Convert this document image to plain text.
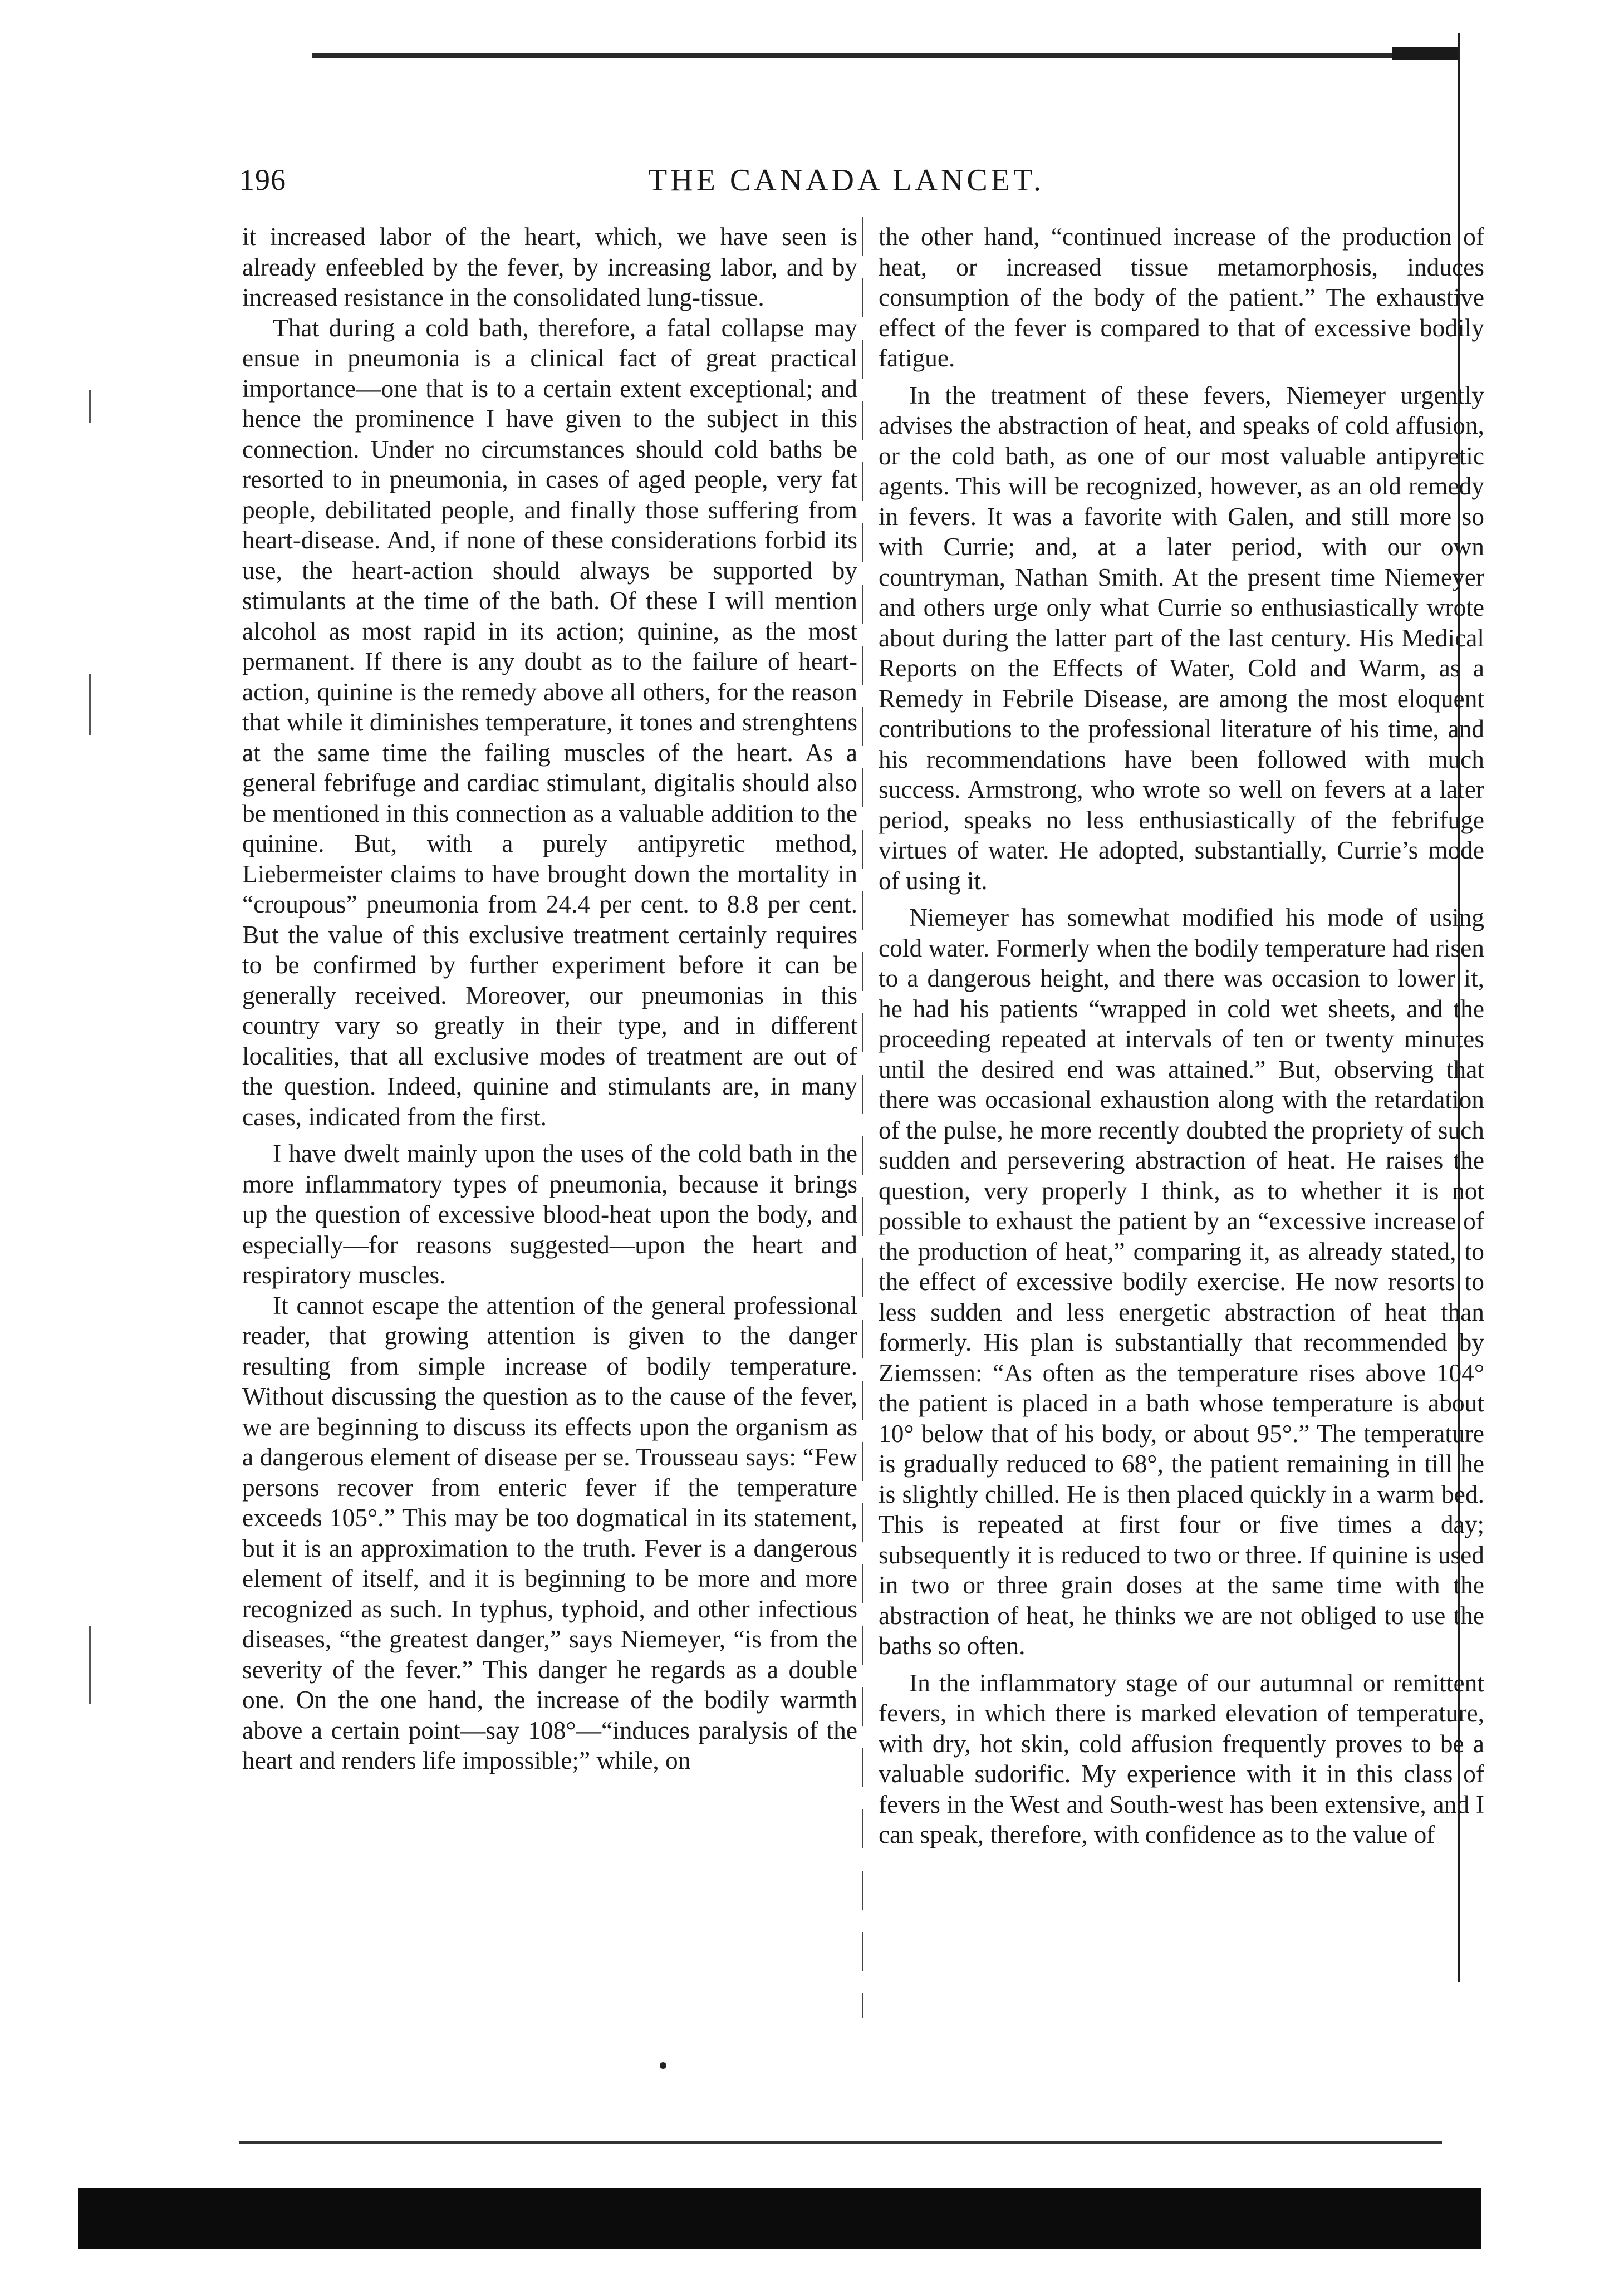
196	THE CANADA LANCET.

it increased labor of the heart, which, we have seen is already enfeebled by the fever, by increasing labor, and by increased resistance in the consolidated lung-tissue.

That during a cold bath, therefore, a fatal collapse may ensue in pneumonia is a clinical fact of great practical importance—one that is to a certain extent exceptional; and hence the prominence I have given to the subject in this connection. Under no circumstances should cold baths be resorted to in pneumonia, in cases of aged people, very fat people, debilitated people, and finally those suffering from heart-disease. And, if none of these considerations forbid its use, the heart-action should always be supported by stimulants at the time of the bath. Of these I will mention alcohol as most rapid in its action; quinine, as the most permanent. If there is any doubt as to the failure of heart-action, quinine is the remedy above all others, for the reason that while it diminishes temperature, it tones and strenghtens at the same time the failing muscles of the heart. As a general febrifuge and cardiac stimulant, digitalis should also be mentioned in this connection as a valuable addition to the quinine. But, with a purely antipyretic method, Liebermeister claims to have brought down the mortality in “croupous” pneumonia from 24.4 per cent. to 8.8 per cent. But the value of this exclusive treatment certainly requires to be confirmed by further experiment before it can be generally received. Moreover, our pneumonias in this country vary so greatly in their type, and in different localities, that all exclusive modes of treatment are out of the question. Indeed, quinine and stimulants are, in many cases, indicated from the first.

I have dwelt mainly upon the uses of the cold bath in the more inflammatory types of pneumonia, because it brings up the question of excessive blood-heat upon the body, and especially—for reasons suggested—upon the heart and respiratory muscles.

It cannot escape the attention of the general professional reader, that growing attention is given to the danger resulting from simple increase of bodily temperature. Without discussing the question as to the cause of the fever, we are beginning to discuss its effects upon the organism as a dangerous element of disease per se. Trousseau says: “Few persons recover from enteric fever if the temperature exceeds 105°.” This may be too dogmatical in its statement, but it is an approximation to the truth. Fever is a dangerous element of itself, and it is beginning to be more and more recognized as such. In typhus, typhoid, and other infectious diseases, “the greatest danger,” says Niemeyer, “is from the severity of the fever.” This danger he regards as a double one. On the one hand, the increase of the bodily warmth above a certain point—say 108°—“induces paralysis of the heart and renders life impossible;” while, on

the other hand, “continued increase of the production of heat, or increased tissue metamorphosis, induces consumption of the body of the patient.” The exhaustive effect of the fever is compared to that of excessive bodily fatigue.

In the treatment of these fevers, Niemeyer urgently advises the abstraction of heat, and speaks of cold affusion, or the cold bath, as one of our most valuable antipyretic agents. This will be recognized, however, as an old remedy in fevers. It was a favorite with Galen, and still more so with Currie; and, at a later period, with our own countryman, Nathan Smith. At the present time Niemeyer and others urge only what Currie so enthusiastically wrote about during the latter part of the last century. His Medical Reports on the Effects of Water, Cold and Warm, as a Remedy in Febrile Disease, are among the most eloquent contributions to the professional literature of his time, and his recommendations have been followed with much success. Armstrong, who wrote so well on fevers at a later period, speaks no less enthusiastically of the febrifuge virtues of water. He adopted, substantially, Currie’s mode of using it.

Niemeyer has somewhat modified his mode of using cold water. Formerly when the bodily temperature had risen to a dangerous height, and there was occasion to lower it, he had his patients “wrapped in cold wet sheets, and the proceeding repeated at intervals of ten or twenty minutes until the desired end was attained.” But, observing that there was occasional exhaustion along with the retardation of the pulse, he more recently doubted the propriety of such sudden and persevering abstraction of heat. He raises the question, very properly I think, as to whether it is not possible to exhaust the patient by an “excessive increase of the production of heat,” comparing it, as already stated, to the effect of excessive bodily exercise. He now resorts to less sudden and less energetic abstraction of heat than formerly. His plan is substantially that recommended by Ziemssen: “As often as the temperature rises above 104° the patient is placed in a bath whose temperature is about 10° below that of his body, or about 95°.” The temperature is gradually reduced to 68°, the patient remaining in till he is slightly chilled. He is then placed quickly in a warm bed. This is repeated at first four or five times a day; subsequently it is reduced to two or three. If quinine is used in two or three grain doses at the same time with the abstraction of heat, he thinks we are not obliged to use the baths so often.

In the inflammatory stage of our autumnal or remittent fevers, in which there is marked elevation of temperature, with dry, hot skin, cold affusion frequently proves to be a valuable sudorific. My experience with it in this class of fevers in the West and South-west has been extensive, and I can speak, therefore, with confidence as to the value of
